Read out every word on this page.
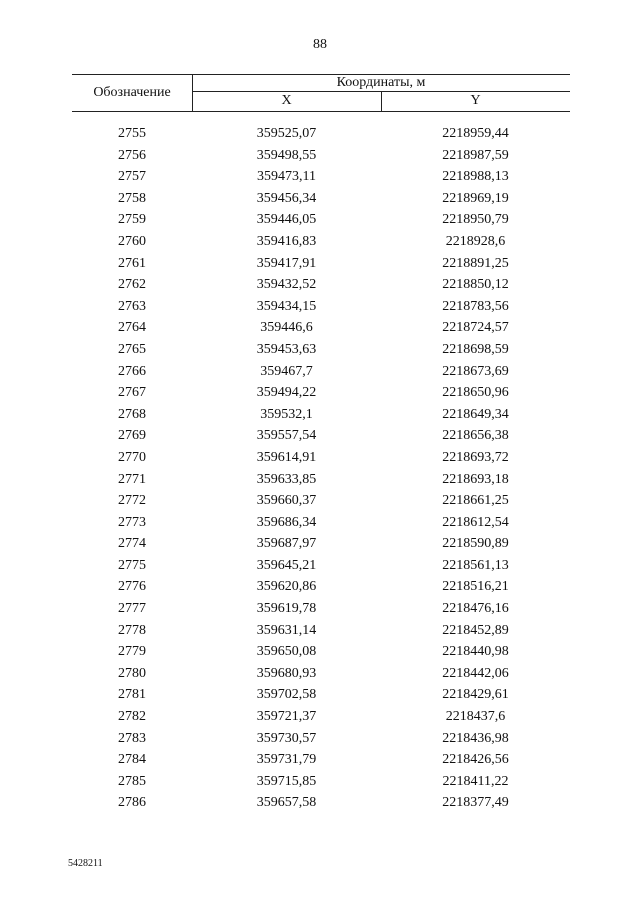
88
Обозначение
Координаты, м
X	Y
2755	359525,07	2218959,44
2756	359498,55	2218987,59
2757	359473,11	2218988,13
2758	359456,34	2218969,19
2759	359446,05	2218950,79
2760	359416,83	2218928,6
2761	359417,91	2218891,25
2762	359432,52	2218850,12
2763	359434,15	2218783,56
2764	359446,6	2218724,57
2765	359453,63	2218698,59
2766	359467,7	2218673,69
2767	359494,22	2218650,96
2768	359532,1	2218649,34
2769	359557,54	2218656,38
2770	359614,91	2218693,72
2771	359633,85	2218693,18
2772	359660,37	2218661,25
2773	359686,34	2218612,54
2774	359687,97	2218590,89
2775	359645,21	2218561,13
2776	359620,86	2218516,21
2777	359619,78	2218476,16
2778	359631,14	2218452,89
2779	359650,08	2218440,98
2780	359680,93	2218442,06
2781	359702,58	2218429,61
2782	359721,37	2218437,6
2783	359730,57	2218436,98
2784	359731,79	2218426,56
2785	359715,85	2218411,22
2786	359657,58	2218377,49
5428211
